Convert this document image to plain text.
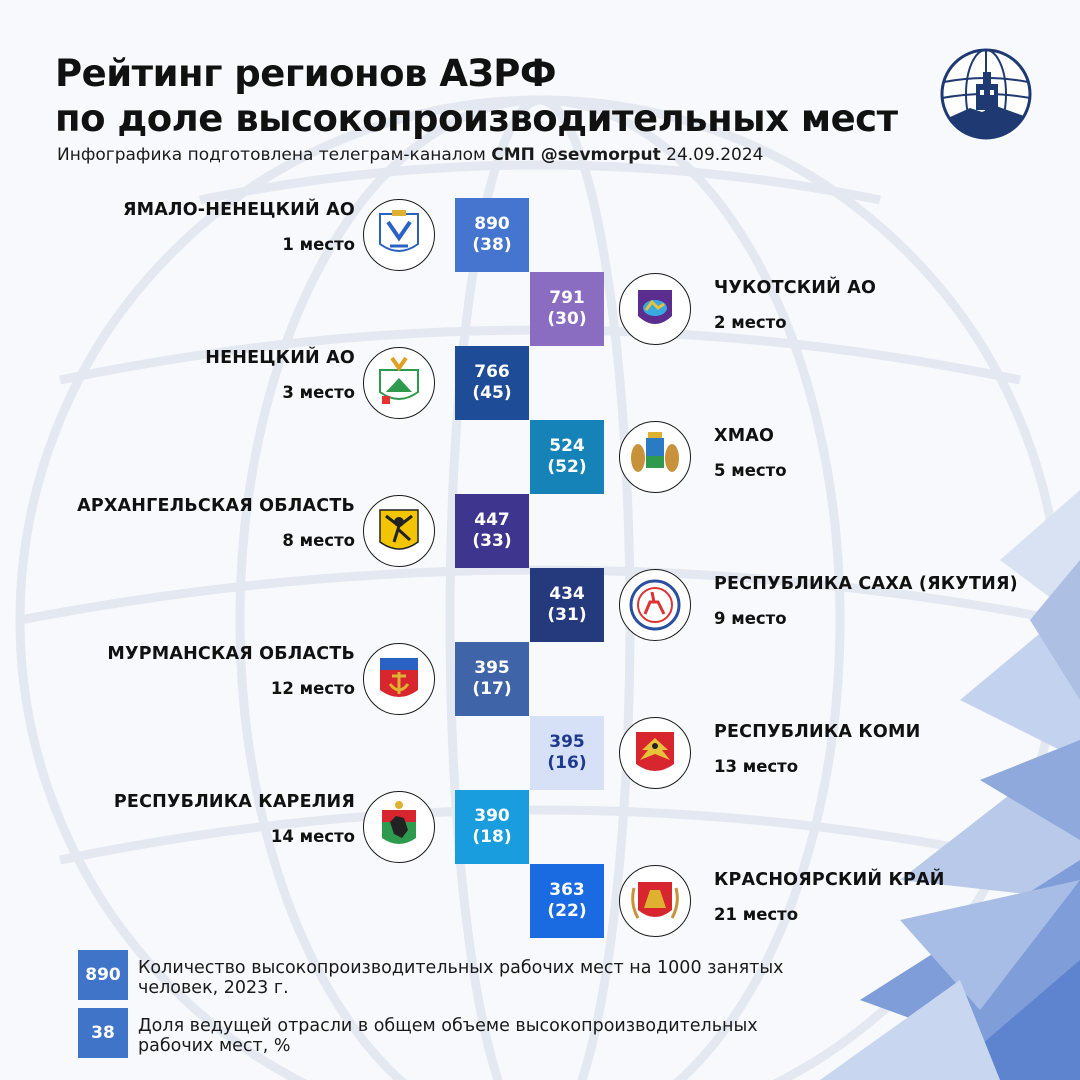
Рейтинг регионов АЗРФ
по доле высокопроизводительных мест
Инфографика подготовлена телеграм-каналом СМП @sevmorput 24.09.2024
ЯМАЛО-НЕНЕЦКИЙ АО
1 место
890
(38)
ЧУКОТСКИЙ АО
2 место
791
(30)
НЕНЕЦКИЙ АО
3 место
766
(45)
ХМАО
5 место
524
(52)
АРХАНГЕЛЬСКАЯ ОБЛАСТЬ
8 место
447
(33)
РЕСПУБЛИКА САХА (ЯКУТИЯ)
9 место
434
(31)
МУРМАНСКАЯ ОБЛАСТЬ
12 место
395
(17)
РЕСПУБЛИКА КОМИ
13 место
395
(16)
РЕСПУБЛИКА КАРЕЛИЯ
14 место
390
(18)
КРАСНОЯРСКИЙ КРАЙ
21 место
363
(22)
890 Количество высокопроизводительных рабочих мест на 1000 занятых человек, 2023 г.
38	Доля ведущей отрасли в общем объеме высокопроизводительных рабочих мест, %
